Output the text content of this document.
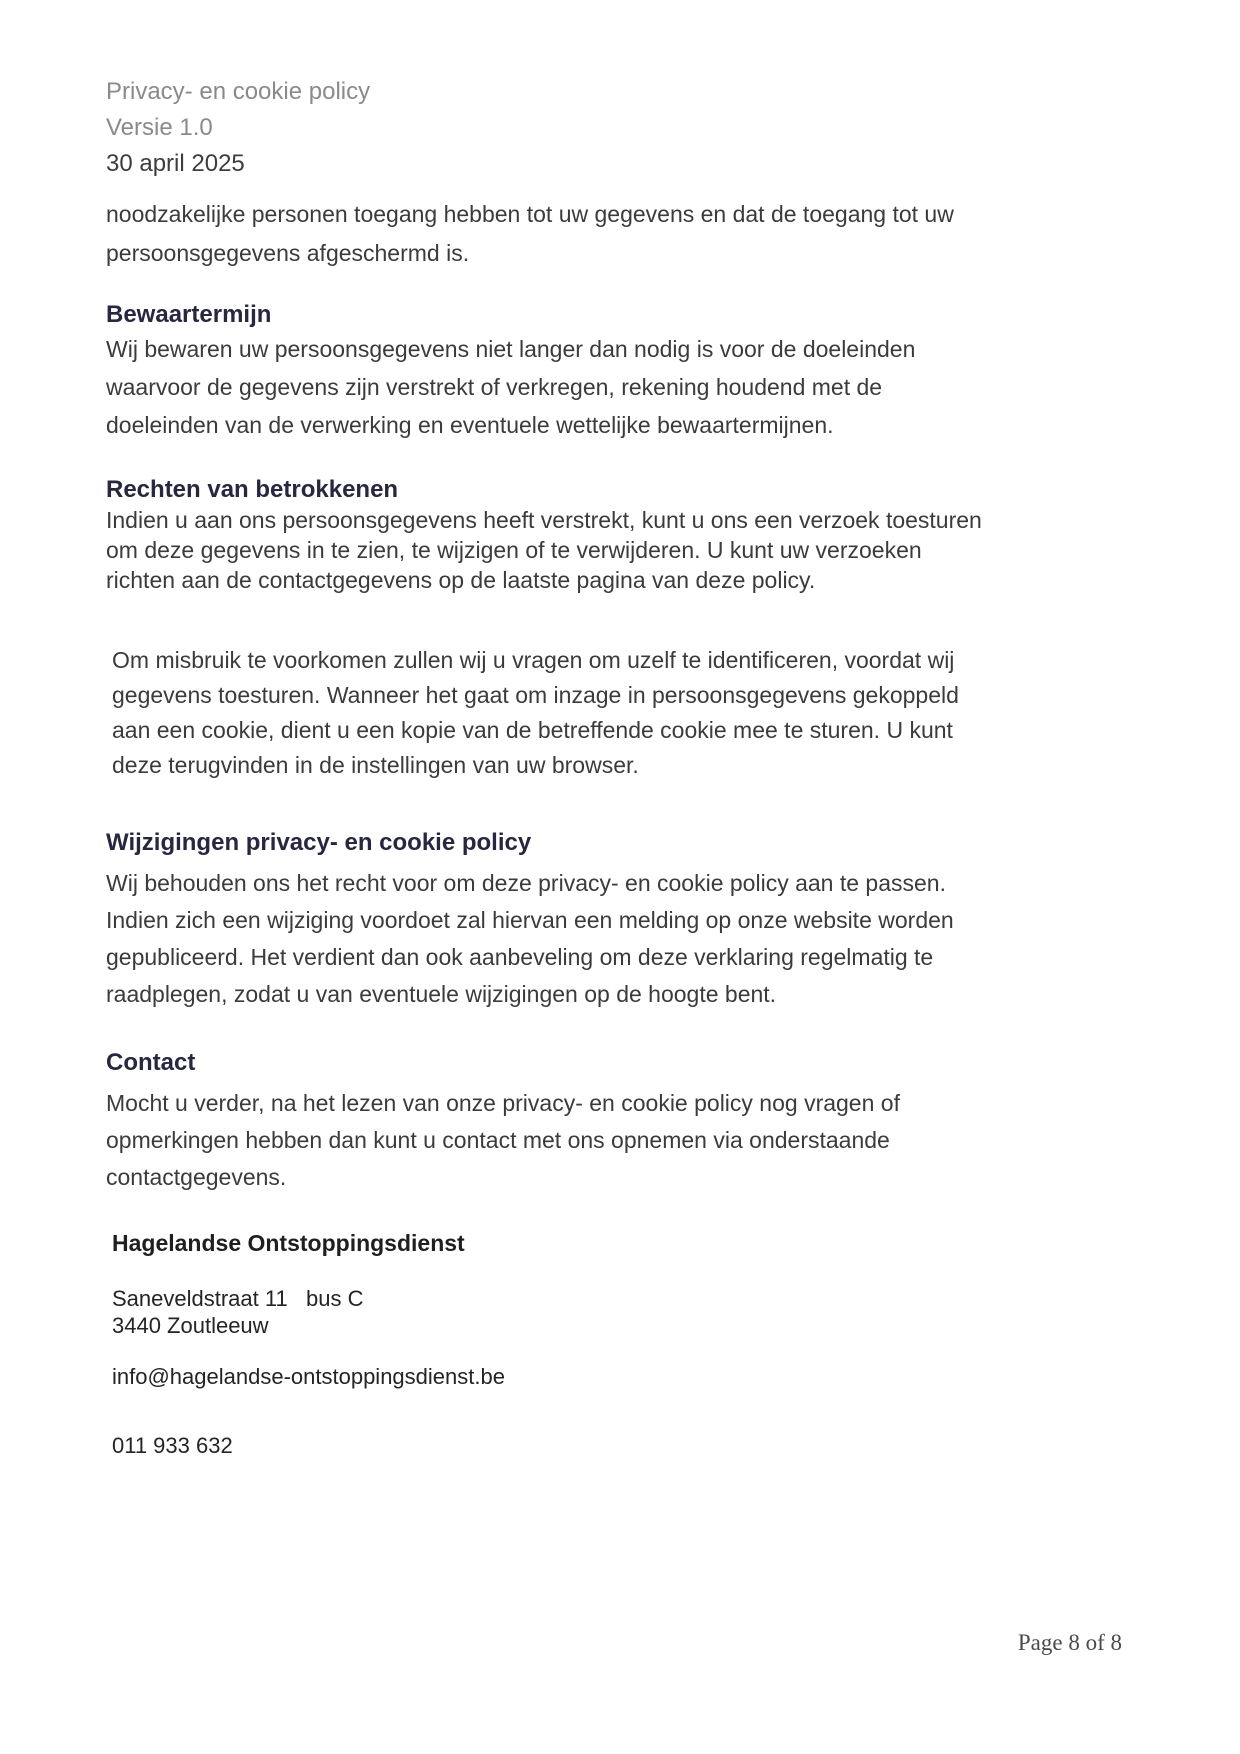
Privacy- en cookie policy
Versie 1.0
30 april 2025
noodzakelijke personen toegang hebben tot uw gegevens en dat de toegang tot uw
persoonsgegevens afgeschermd is.
Bewaartermijn
Wij bewaren uw persoonsgegevens niet langer dan nodig is voor de doeleinden
waarvoor de gegevens zijn verstrekt of verkregen, rekening houdend met de
doeleinden van de verwerking en eventuele wettelijke bewaartermijnen.
Rechten van betrokkenen
Indien u aan ons persoonsgegevens heeft verstrekt, kunt u ons een verzoek toesturen
om deze gegevens in te zien, te wijzigen of te verwijderen. U kunt uw verzoeken
richten aan de contactgegevens op de laatste pagina van deze policy.
Om misbruik te voorkomen zullen wij u vragen om uzelf te identificeren, voordat wij
gegevens toesturen. Wanneer het gaat om inzage in persoonsgegevens gekoppeld
aan een cookie, dient u een kopie van de betreffende cookie mee te sturen. U kunt
deze terugvinden in de instellingen van uw browser.
Wijzigingen privacy- en cookie policy
Wij behouden ons het recht voor om deze privacy- en cookie policy aan te passen.
Indien zich een wijziging voordoet zal hiervan een melding op onze website worden
gepubliceerd. Het verdient dan ook aanbeveling om deze verklaring regelmatig te
raadplegen, zodat u van eventuele wijzigingen op de hoogte bent.
Contact
Mocht u verder, na het lezen van onze privacy- en cookie policy nog vragen of
opmerkingen hebben dan kunt u contact met ons opnemen via onderstaande
contactgegevens.
Hagelandse Ontstoppingsdienst
Saneveldstraat 11   bus C
3440 Zoutleeuw
info@hagelandse-ontstoppingsdienst.be
011 933 632
Page 8 of 8
